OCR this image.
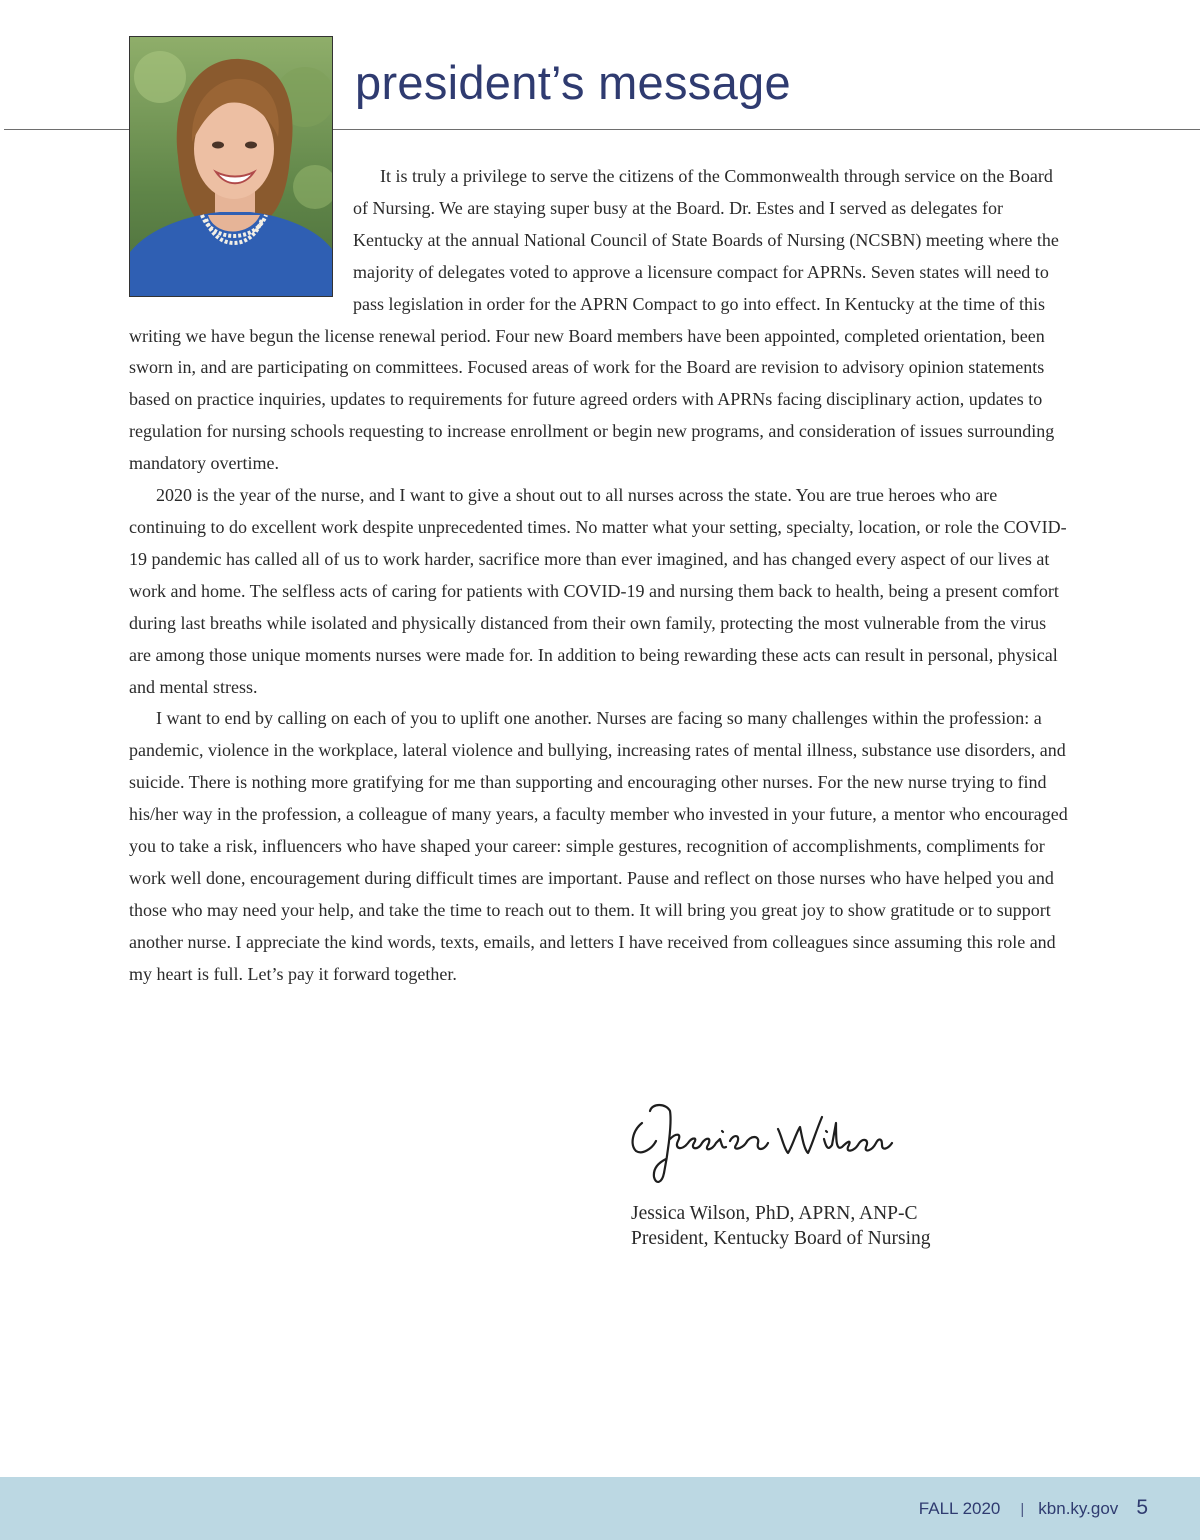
president’s message

It is truly a privilege to serve the citizens of the Commonwealth through service on the Board of Nursing. We are staying super busy at the Board. Dr. Estes and I served as delegates for Kentucky at the annual National Council of State Boards of Nursing (NCSBN) meeting where the majority of delegates voted to approve a licensure compact for APRNs. Seven states will need to pass legislation in order for the APRN Compact to go into effect. In Kentucky at the time of this writing we have begun the license renewal period. Four new Board members have been appointed, completed orientation, been sworn in, and are participating on committees. Focused areas of work for the Board are revision to advisory opinion statements based on practice inquiries, updates to requirements for future agreed orders with APRNs facing disciplinary action, updates to regulation for nursing schools requesting to increase enrollment or begin new programs, and consideration of issues surrounding mandatory overtime.

2020 is the year of the nurse, and I want to give a shout out to all nurses across the state. You are true heroes who are continuing to do excellent work despite unprecedented times. No matter what your setting, specialty, location, or role the COVID-19 pandemic has called all of us to work harder, sacrifice more than ever imagined, and has changed every aspect of our lives at work and home. The selfless acts of caring for patients with COVID-19 and nursing them back to health, being a present comfort during last breaths while isolated and physically distanced from their own family, protecting the most vulnerable from the virus are among those unique moments nurses were made for. In addition to being rewarding these acts can result in personal, physical and mental stress.

I want to end by calling on each of you to uplift one another. Nurses are facing so many challenges within the profession: a pandemic, violence in the workplace, lateral violence and bullying, increasing rates of mental illness, substance use disorders, and suicide. There is nothing more gratifying for me than supporting and encouraging other nurses. For the new nurse trying to find his/her way in the profession, a colleague of many years, a faculty member who invested in your future, a mentor who encouraged you to take a risk, influencers who have shaped your career: simple gestures, recognition of accomplishments, compliments for work well done, encouragement during difficult times are important. Pause and reflect on those nurses who have helped you and those who may need your help, and take the time to reach out to them. It will bring you great joy to show gratitude or to support another nurse. I appreciate the kind words, texts, emails, and letters I have received from colleagues since assuming this role and my heart is full. Let’s pay it forward together.

Jessica Wilson, PhD, APRN, ANP-C
President, Kentucky Board of Nursing
FALL 2020 | kbn.ky.gov 5
